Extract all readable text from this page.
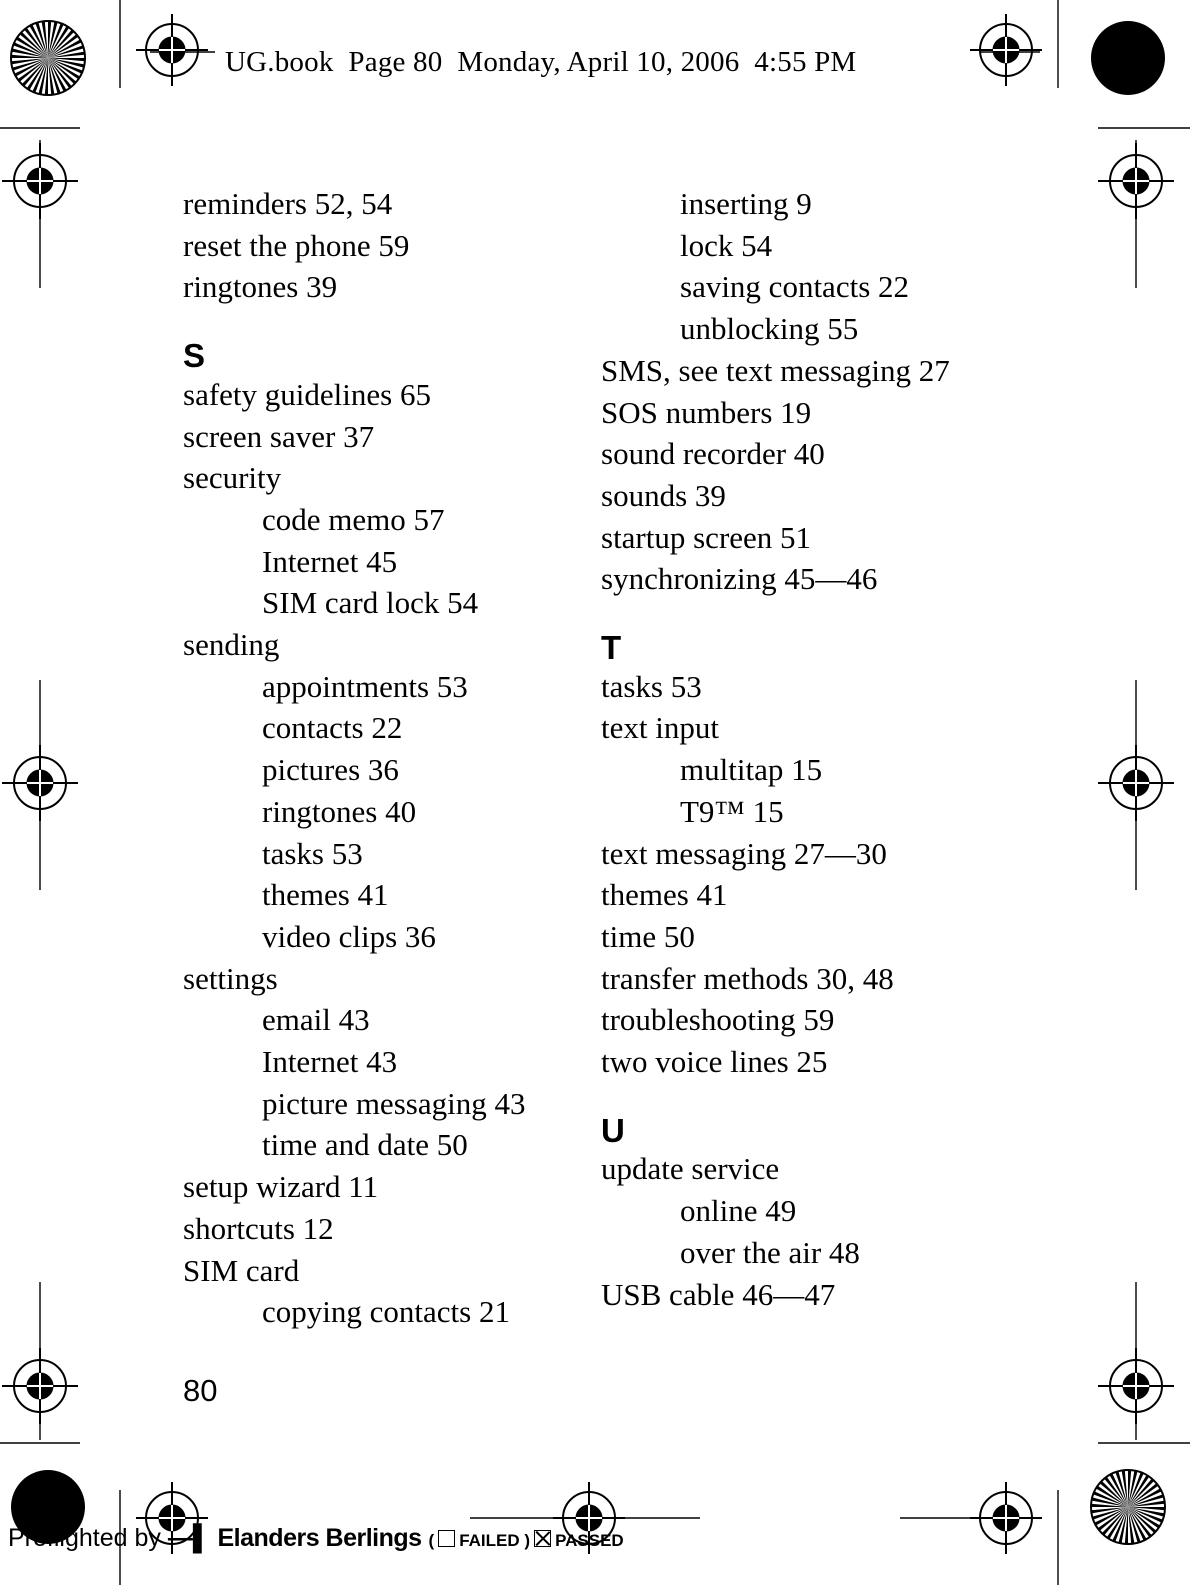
UG.book  Page 80  Monday, April 10, 2006  4:55 PM
reminders 52, 54
reset the phone 59
ringtones 39
S
safety guidelines 65
screen saver 37
security
code memo 57
Internet 45
SIM card lock 54
sending
appointments 53
contacts 22
pictures 36
ringtones 40
tasks 53
themes 41
video clips 36
settings
email 43
Internet 43
picture messaging 43
time and date 50
setup wizard 11
shortcuts 12
SIM card
copying contacts 21
inserting 9
lock 54
saving contacts 22
unblocking 55
SMS, see text messaging 27
SOS numbers 19
sound recorder 40
sounds 39
startup screen 51
synchronizing 45—46
T
tasks 53
text input
multitap 15
T9™ 15
text messaging 27—30
themes 41
time 50
transfer methods 30, 48
troubleshooting 59
two voice lines 25
U
update service
online 49
over the air 48
USB cable 46—47
80
Preflighted by —▌ Elanders Berlings ( FAILED ) PASSED
